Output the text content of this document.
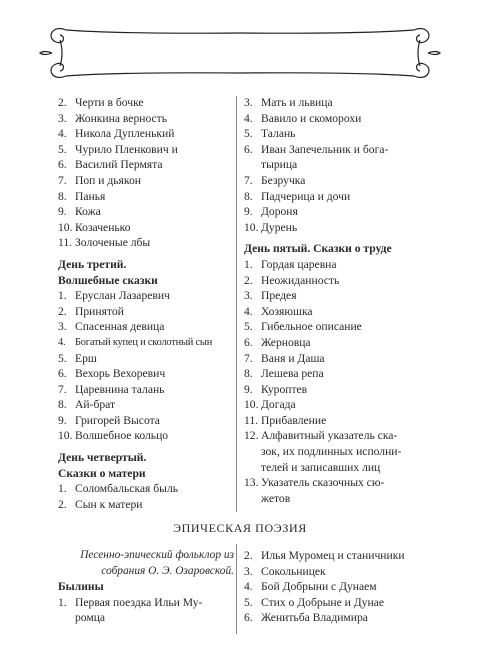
2. Черти в бочке
3. Жонкина верность
4. Никола Дупленький
5. Чурило Пленкович и
6. Василий Пермята
7. Поп и дьякон
8. Панья
9. Кожа
10. Козаченько
11. Золоченые лбы
День третий.
Волшебные сказки
1. Еруслан Лазаревич
2. Принятой
3. Спасенная девица
4. Богатый купец и сколотный сын
5. Ерш
6. Вехорь Вехоревич
7. Царевнина талань
8. Ай-брат
9. Григорей Высота
10. Волшебное кольцо
День четвертый.
Сказки о матери
1. Соломбальская быль
2. Сын к матери
3. Мать и львица
4. Вавило и скоморохи
5. Талань
6. Иван Запечельник и бога-
тырица
7. Безручка
8. Падчерица и дочи
9. Дороня
10. Дурень
День пятый. Сказки о труде
1. Гордая царевна
2. Неожиданность
3. Предея
4. Хозяюшка
5. Гибельное описание
6. Жерновца
7. Ваня и Даша
8. Лешева репа
9. Куроптев
10. Догада
11. Прибавление
12. Алфавитный указатель ска-
зок, их подлинных исполни-
телей и записавших лиц
13. Указатель сказочных сю-
жетов
ЭПИЧЕСКАЯ ПОЭЗИЯ
Песенно-эпический фольклор из
собрания О. Э. Озаровской.
Былины
1. Первая поездка Ильи Му-
ромца
2. Илья Муромец и станичники
3. Сокольницек
4. Бой Добрыни с Дунаем
5. Стих о Добрыне и Дунае
6. Женитьба Владимира
